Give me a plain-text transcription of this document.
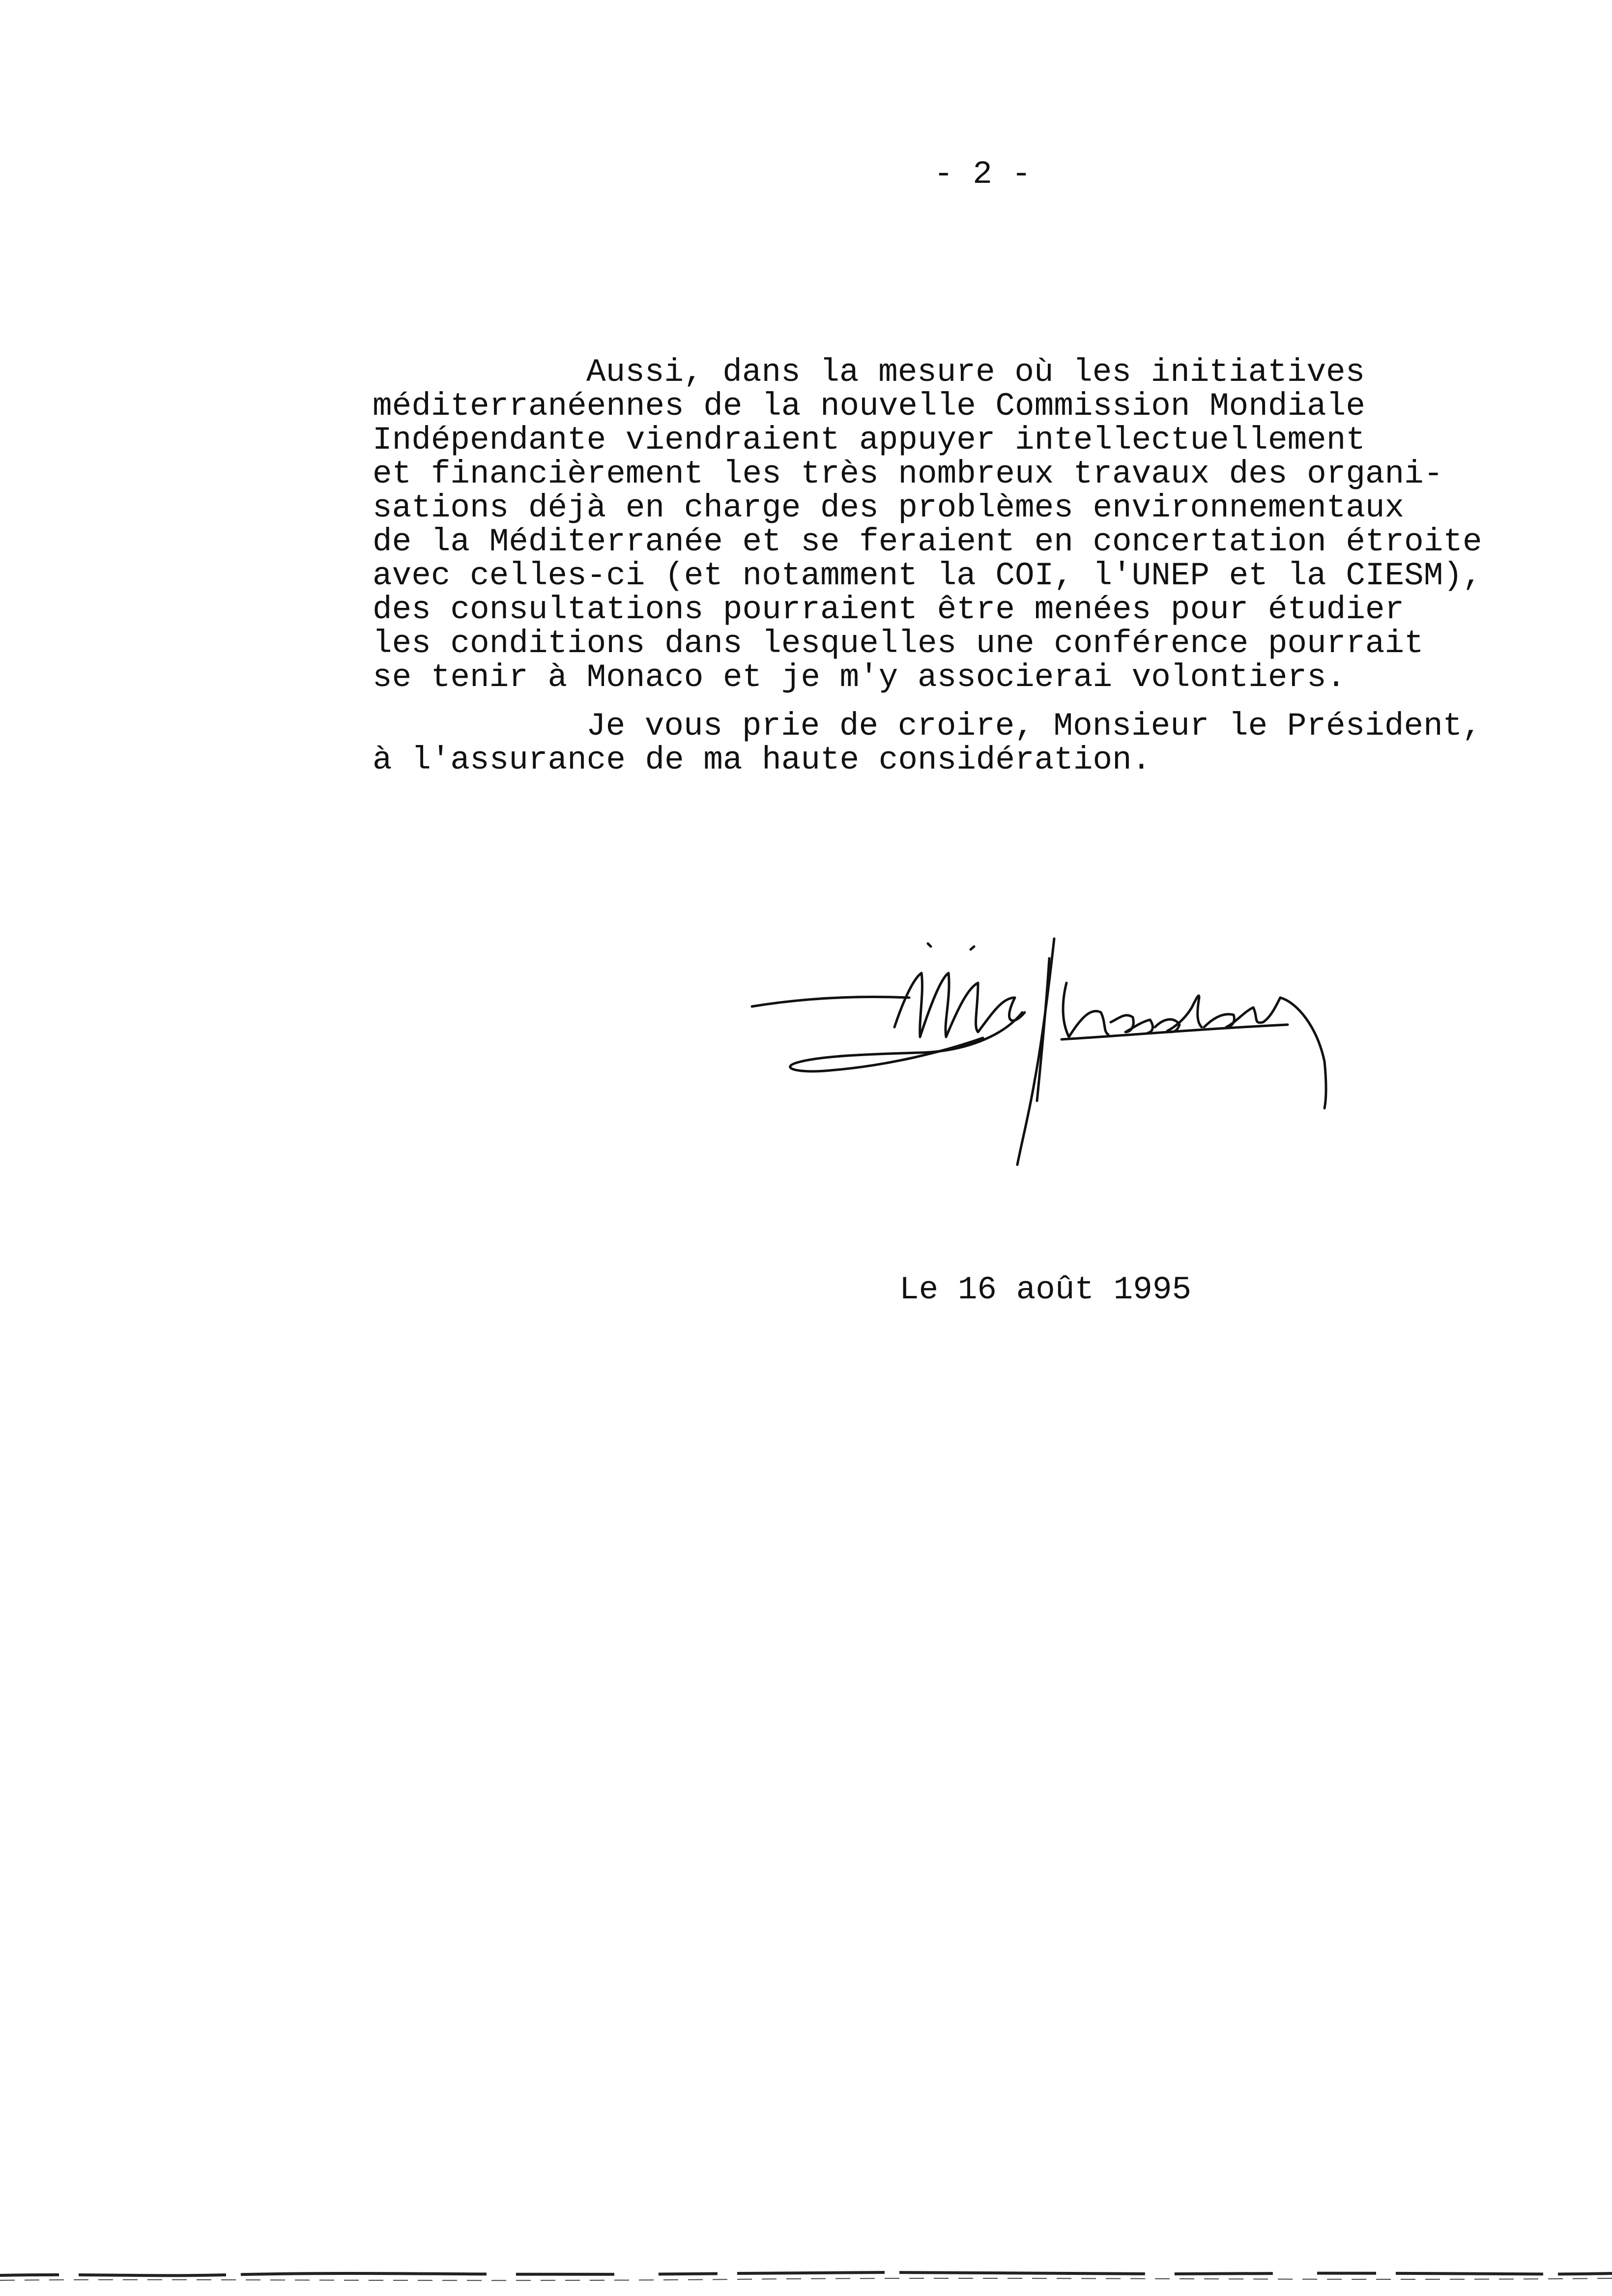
- 2 -
Aussi, dans la mesure où les initiatives
méditerranéennes de la nouvelle Commission Mondiale
Indépendante viendraient appuyer intellectuellement
et financièrement les très nombreux travaux des organi-
sations déjà en charge des problèmes environnementaux
de la Méditerranée et se feraient en concertation étroite
avec celles-ci (et notamment la COI, l'UNEP et la CIESM),
des consultations pourraient être menées pour étudier
les conditions dans lesquelles une conférence pourrait
se tenir à Monaco et je m'y associerai volontiers.
Je vous prie de croire, Monsieur le Président,
à l'assurance de ma haute considération.
Le 16 août 1995
